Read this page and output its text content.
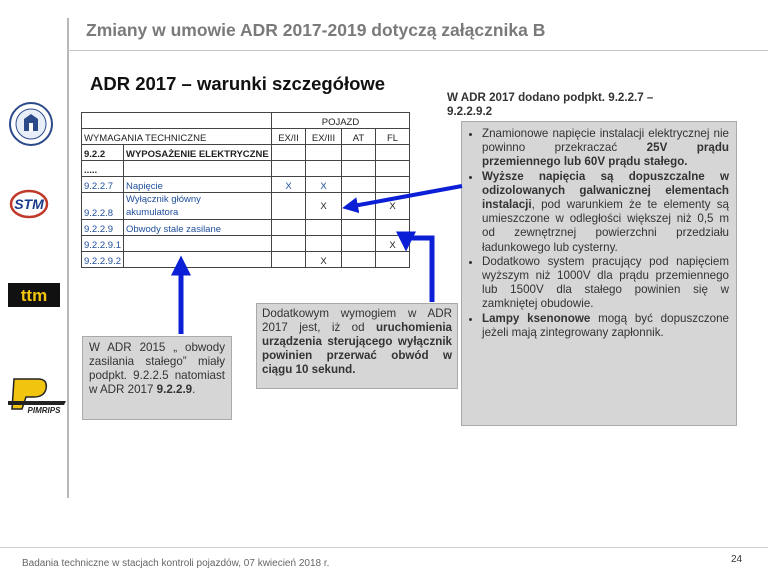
Zmiany w umowie ADR 2017-2019 dotyczą załącznika B
ADR 2017 – warunki szczegółowe
STM
ttm
PIMRIPS
		POJAZD			
WYMAGANIA TECHNICZNE		EX/II	EX/III	AT	FL
9.2.2	WYPOSAŻENIE ELEKTRYCZNE				
.....					
9.2.2.7	Napięcie	X	X		
9.2.2.8	Wyłącznik główny
akumulatora		X		X
9.2.2.9	Obwody stale zasilane				
9.2.2.9.1					X
9.2.2.9.2			X		
W ADR 2015 „ obwody zasilania stałego” miały podpkt. 9.2.2.5 natomiast w ADR 2017 9.2.2.9.
Dodatkowym wymogiem w ADR 2017 jest, iż od uruchomienia urządzenia sterującego wyłącznik powinien przerwać obwód w ciągu 10 sekund.
W ADR 2017 dodano podpkt. 9.2.2.7 – 9.2.2.9.2
• Znamionowe napięcie instalacji elektrycznej nie powinno przekraczać 25V prądu przemiennego lub 60V prądu stałego.
• Wyższe napięcia są dopuszczalne w odizolowanych galwanicznej elementach instalacji, pod warunkiem że te elementy są umieszczone w odległości większej niż 0,5 m od zewnętrznej powierzchni przedziału ładunkowego lub cysterny.
• Dodatkowo system pracujący pod napięciem wyższym niż 1000V dla prądu przemiennego lub 1500V dla stałego powinien się w zamkniętej obudowie.
• Lampy ksenonowe mogą być dopuszczone jeżeli mają zintegrowany zapłonnik.
Badania techniczne w stacjach kontroli pojazdów, 07 kwiecień 2018 r.	24
